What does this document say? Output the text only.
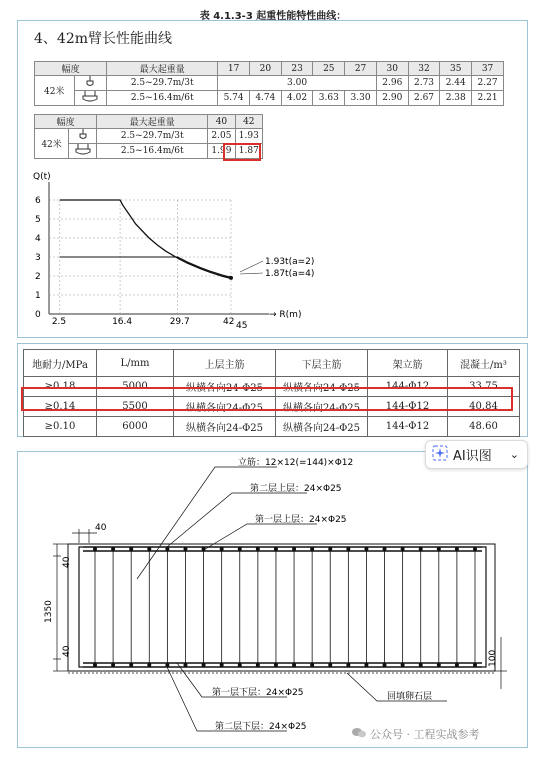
表 4.1.3-3 起重性能特性曲线：
4、42m臂长性能曲线
幅度		最大起重量	17	20	23	25	27	30	32	35	37
42米		2.5~29.7m/3t	3.00					2.96	2.73	2.44	2.27
	2.5~16.4m/6t	5.74	4.74	4.02	3.63	3.30	2.90	2.67	2.38	2.21
幅度		最大起重量	40	42
42米		2.5~29.7m/3t	2.05	1.93
	2.5~16.4m/6t	1.99	1.87
Q(t)
→ R(m)
0
1
2
3
4
5
6
2.5	16.4	29.7	42 45
1.93t(a=2)
1.87t(a=4)
地耐力/MPa	L/mm	上层主筋	下层主筋	架立筋	混凝土/m³
≥0.18	5000	纵横各向24-Φ25	纵横各向24-Φ25	144-Φ12	33.75
≥0.14	5500	纵横各向24-Φ25	纵横各向24-Φ25	144-Φ12	40.84
≥0.10	6000	纵横各向24-Φ25	纵横各向24-Φ25	144-Φ12	48.60
立筋：12×12(=144)×Φ12
第二层上层：24×Φ25
第一层上层：24×Φ25
第一层下层：24×Φ25
第二层下层：24×Φ25
回填卵石层
40
40
40
1350
100
AI识图 ⌄
公众号 · 工程实战参考
